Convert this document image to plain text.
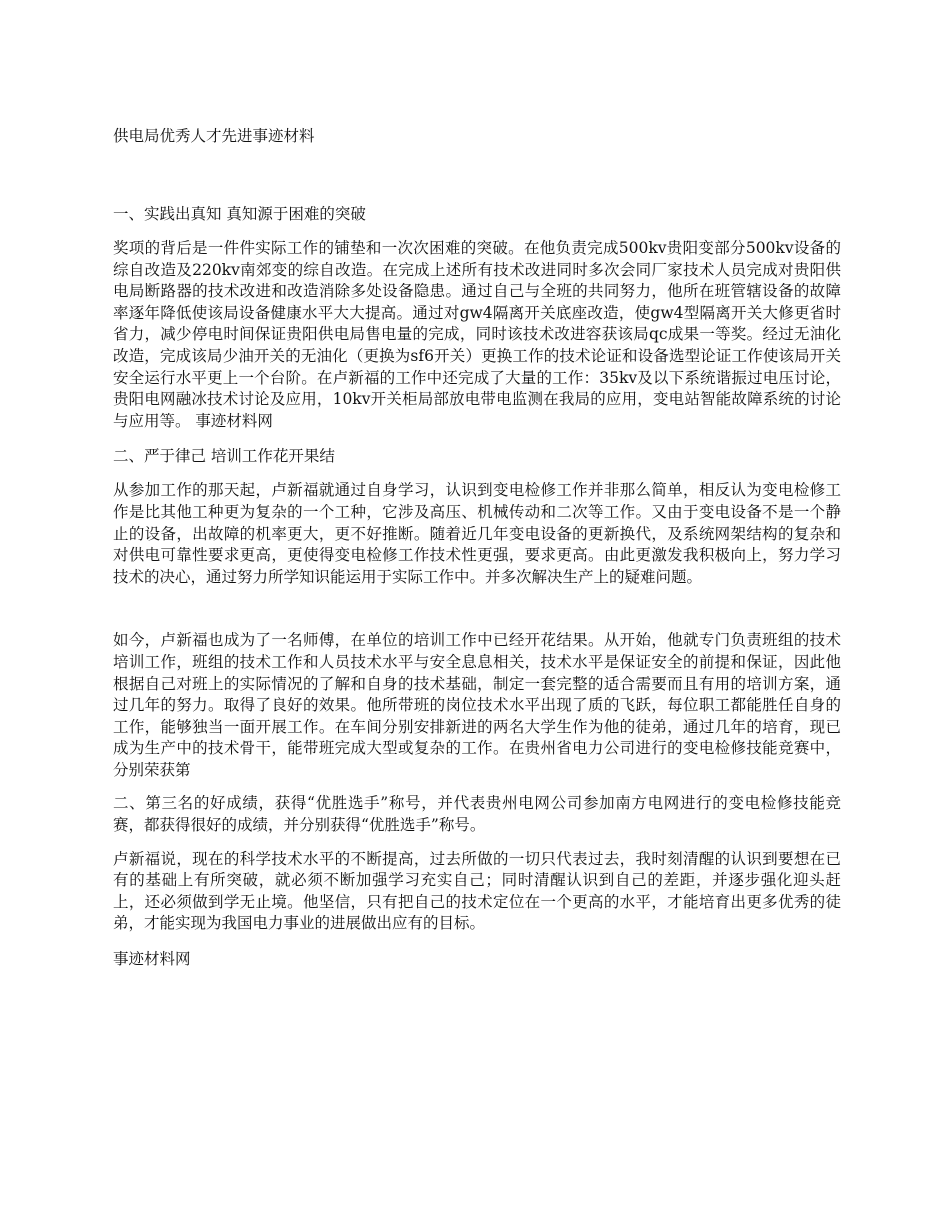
供电局优秀人才先进事迹材料
一、实践出真知 真知源于困难的突破

奖项的背后是一件件实际工作的铺垫和一次次困难的突破。在他负责完成500kv贵阳变部分500kv设备的综自改造及220kv南郊变的综自改造。在完成上述所有技术改进同时多次会同厂家技术人员完成对贵阳供电局断路器的技术改进和改造消除多处设备隐患。通过自己与全班的共同努力，他所在班管辖设备的故障率逐年降低使该局设备健康水平大大提高。通过对gw4隔离开关底座改造，使gw4型隔离开关大修更省时省力，减少停电时间保证贵阳供电局售电量的完成，同时该技术改进容获该局qc成果一等奖。经过无油化改造，完成该局少油开关的无油化（更换为sf6开关）更换工作的技术论证和设备选型论证工作使该局开关安全运行水平更上一个台阶。在卢新福的工作中还完成了大量的工作：35kv及以下系统谐振过电压讨论，贵阳电网融冰技术讨论及应用，10kv开关柜局部放电带电监测在我局的应用，变电站智能故障系统的讨论与应用等。 事迹材料网

二、严于律己 培训工作花开果结

从参加工作的那天起，卢新福就通过自身学习，认识到变电检修工作并非那么简单，相反认为变电检修工作是比其他工种更为复杂的一个工种，它涉及高压、机械传动和二次等工作。又由于变电设备不是一个静止的设备，出故障的机率更大，更不好推断。随着近几年变电设备的更新换代，及系统网架结构的复杂和对供电可靠性要求更高，更使得变电检修工作技术性更强，要求更高。由此更激发我积极向上，努力学习技术的决心，通过努力所学知识能运用于实际工作中。并多次解决生产上的疑难问题。

如今，卢新福也成为了一名师傅，在单位的培训工作中已经开花结果。从开始，他就专门负责班组的技术培训工作，班组的技术工作和人员技术水平与安全息息相关，技术水平是保证安全的前提和保证，因此他根据自己对班上的实际情况的了解和自身的技术基础，制定一套完整的适合需要而且有用的培训方案，通过几年的努力。取得了良好的效果。他所带班的岗位技术水平出现了质的飞跃，每位职工都能胜任自身的工作，能够独当一面开展工作。在车间分别安排新进的两名大学生作为他的徒弟，通过几年的培育，现已成为生产中的技术骨干，能带班完成大型或复杂的工作。在贵州省电力公司进行的变电检修技能竞赛中，分别荣获第

二、第三名的好成绩，获得“优胜选手”称号，并代表贵州电网公司参加南方电网进行的变电检修技能竞赛，都获得很好的成绩，并分别获得“优胜选手”称号。

卢新福说，现在的科学技术水平的不断提高，过去所做的一切只代表过去，我时刻清醒的认识到要想在已有的基础上有所突破，就必须不断加强学习充实自己；同时清醒认识到自己的差距，并逐步强化迎头赶上，还必须做到学无止境。他坚信，只有把自己的技术定位在一个更高的水平，才能培育出更多优秀的徒弟，才能实现为我国电力事业的进展做出应有的目标。

事迹材料网
